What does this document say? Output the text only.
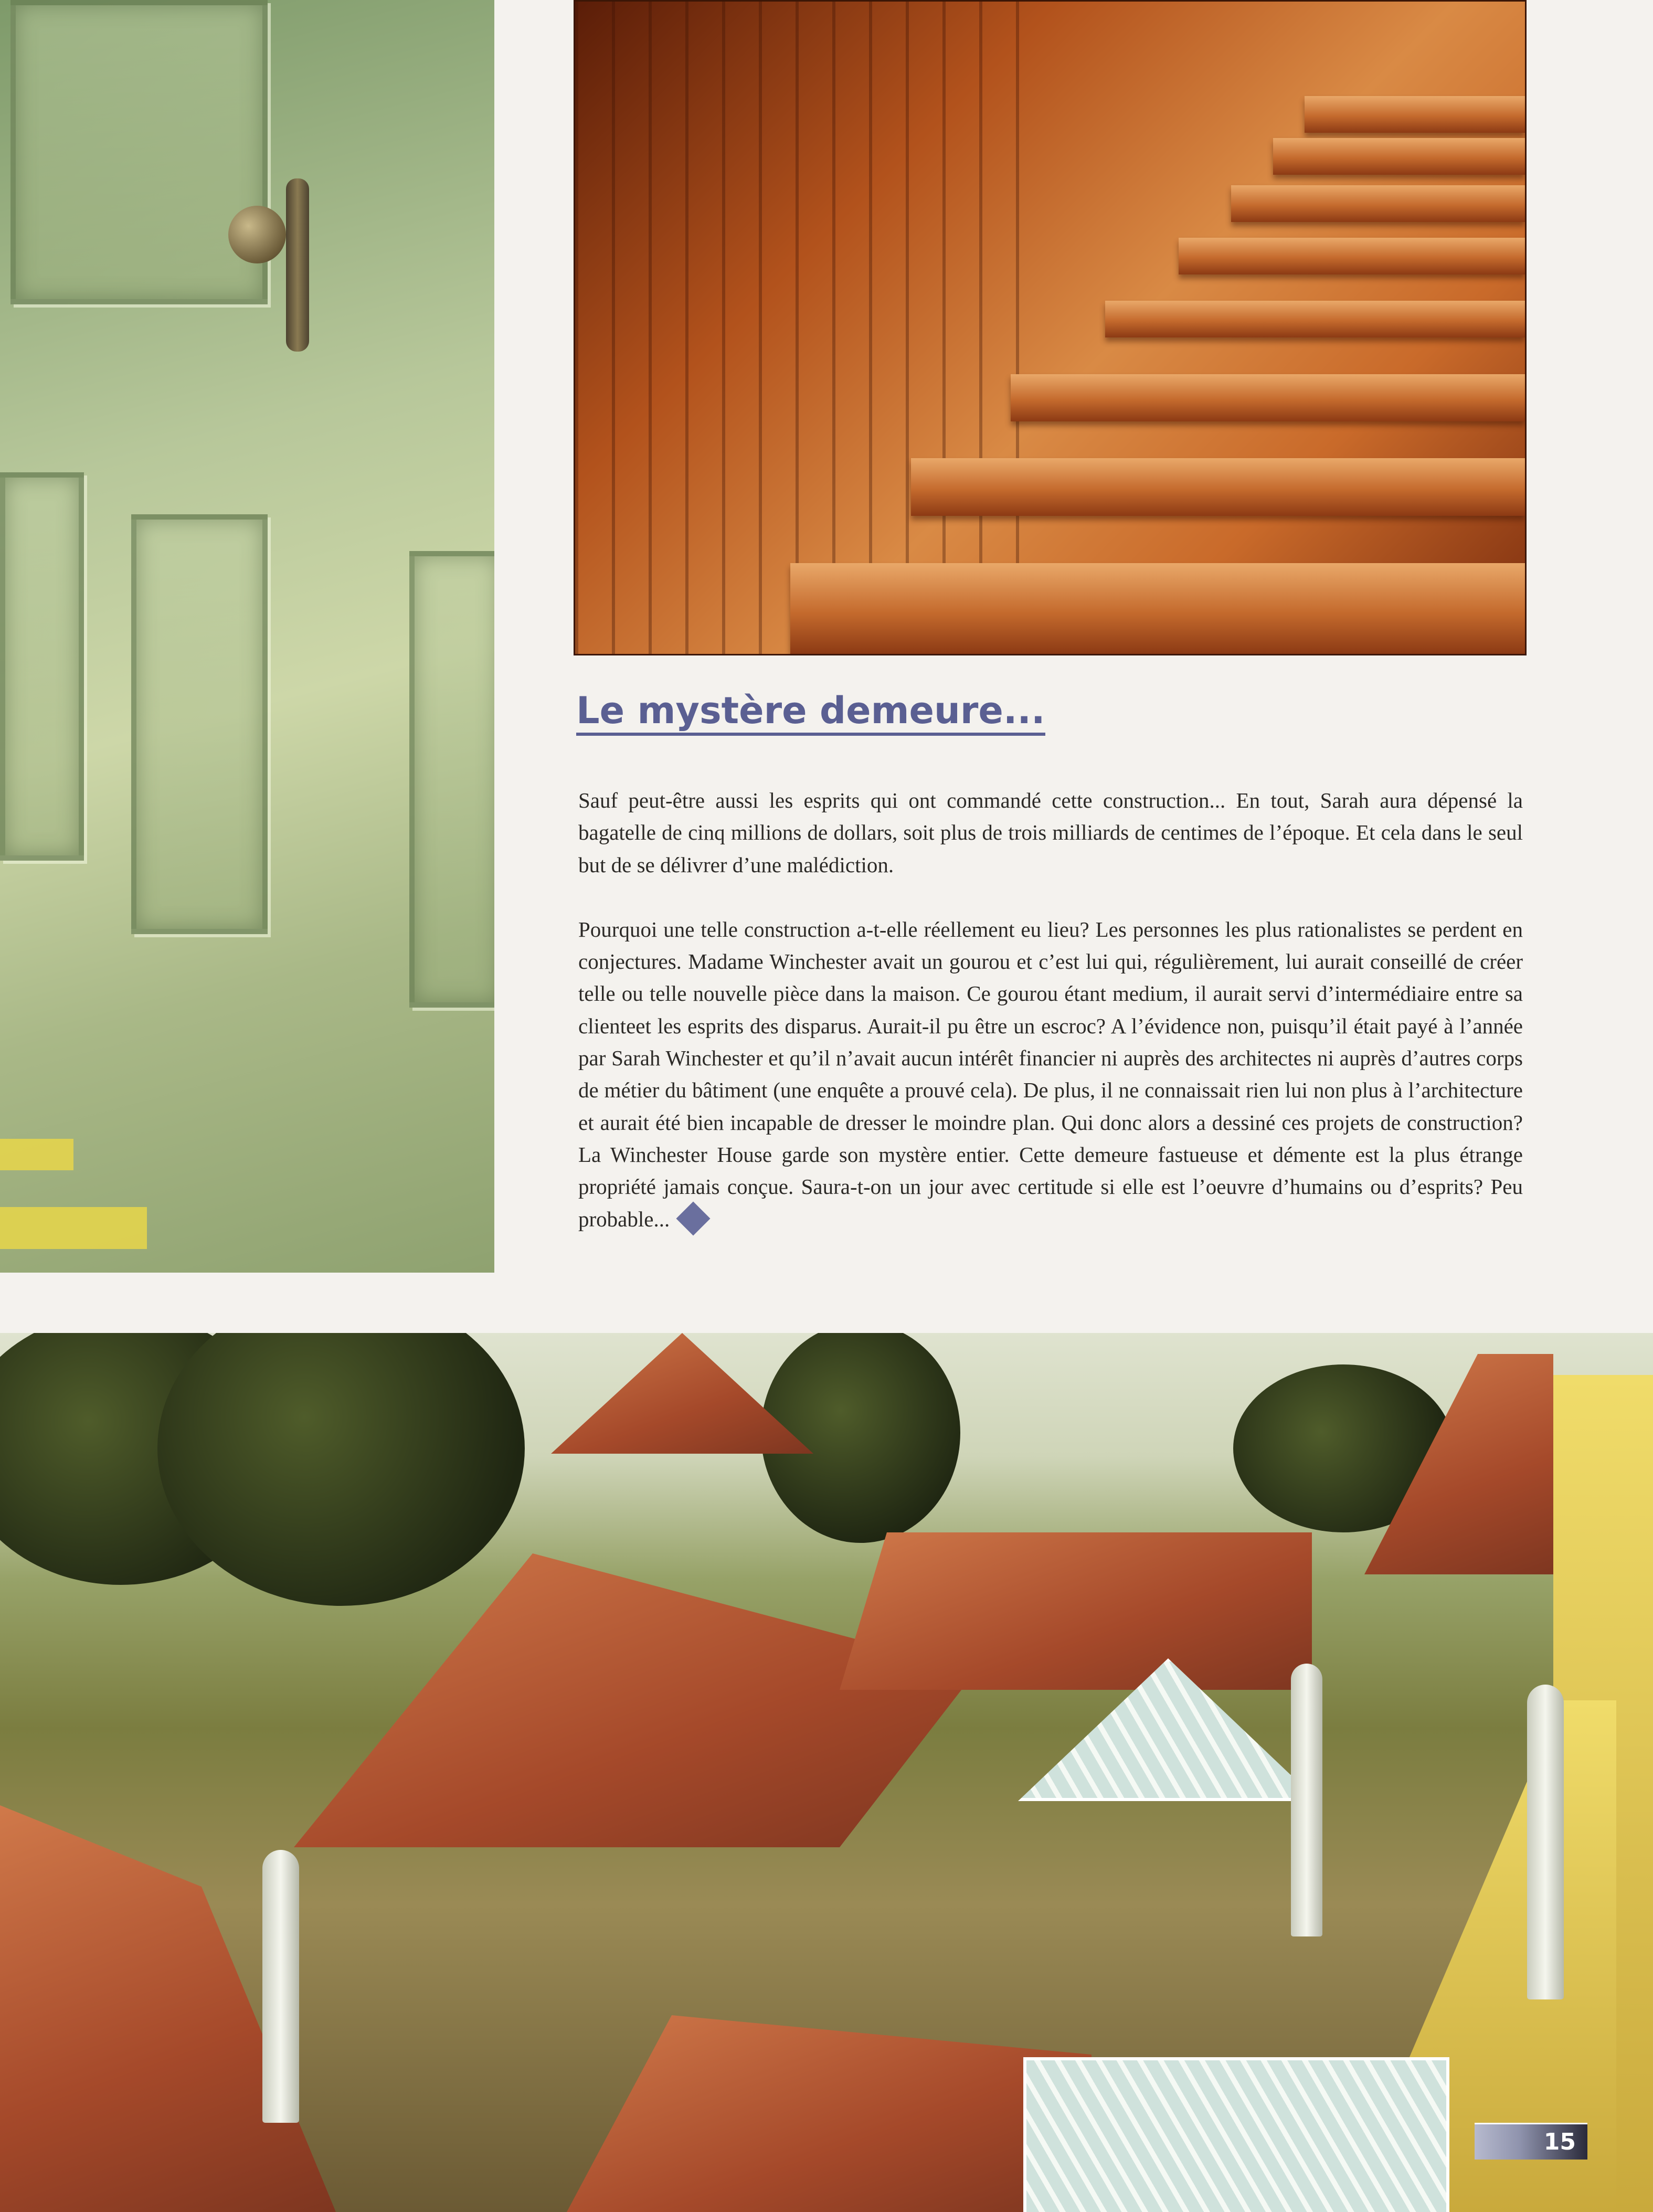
Le mystère demeure...

Sauf peut-être aussi les esprits qui ont commandé cette construction... En tout, Sarah aura dépensé la bagatelle de cinq millions de dollars, soit plus de trois milliards de centimes de l’époque. Et cela dans le seul but de se délivrer d’une malédiction.

Pourquoi une telle construction a-t-elle réellement eu lieu? Les personnes les plus rationalistes se perdent en conjectures. Madame Winchester avait un gourou et c’est lui qui, régulièrement, lui aurait conseillé de créer telle ou telle nouvelle pièce dans la maison. Ce gourou étant medium, il aurait servi d’intermédiaire entre sa clienteet les esprits des disparus. Aurait-il pu être un escroc? A l’évidence non, puisqu’il était payé à l’année par Sarah Winchester et qu’il n’avait aucun intérêt financier ni auprès des architectes ni auprès d’autres corps de métier du bâtiment (une enquête a prouvé cela). De plus, il ne connaissait rien lui non plus à l’architecture et aurait été bien incapable de dresser le moindre plan. Qui donc alors a dessiné ces projets de construction? La Winchester House garde son mystère entier. Cette demeure fastueuse et démente est la plus étrange propriété jamais conçue. Saura-t-on un jour avec certitude si elle est l’oeuvre d’humains ou d’esprits? Peu probable...

15
